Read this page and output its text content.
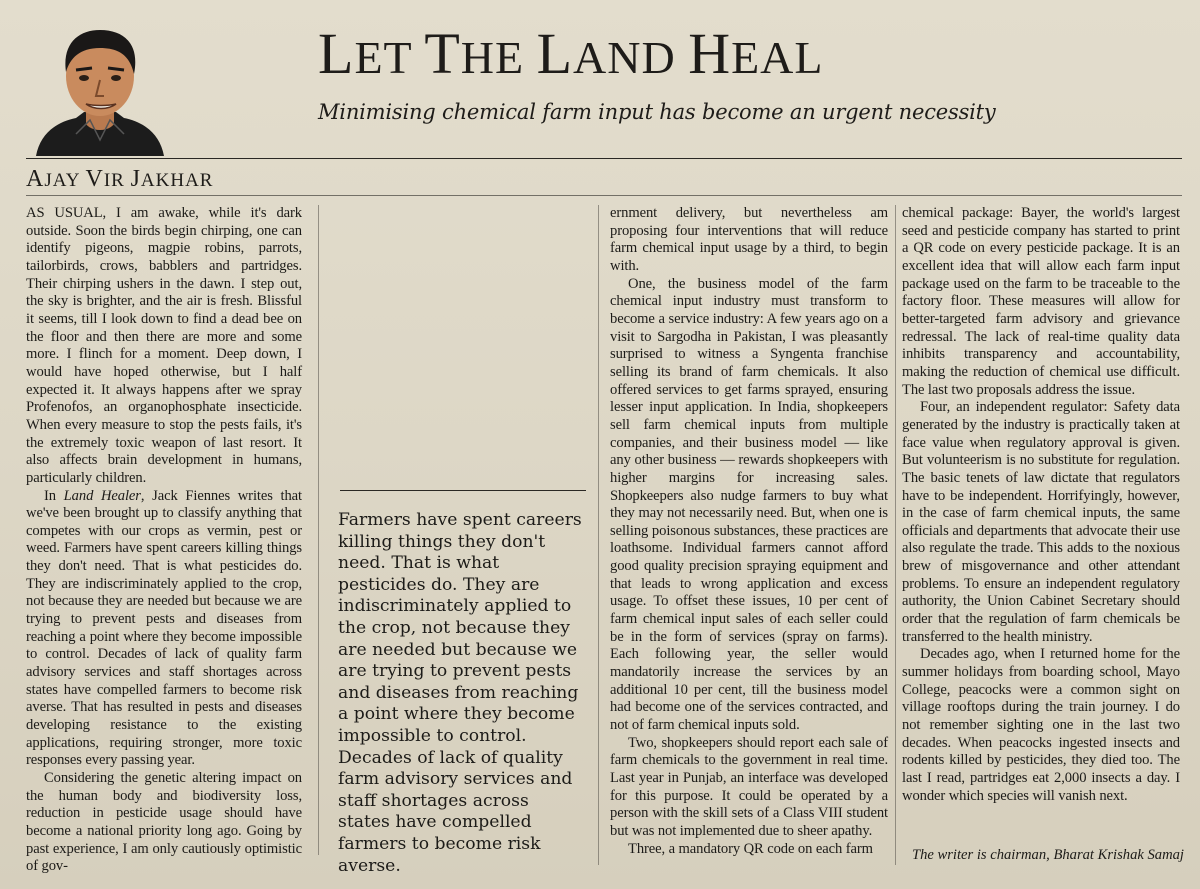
LET THE LAND HEAL

Minimising chemical farm input has become an urgent necessity

AJAY VIR JAKHAR

AS USUAL, I am awake, while it's dark outside. Soon the birds begin chirping, one can identify pigeons, magpie robins, parrots, tailorbirds, crows, babblers and partridges. Their chirping ushers in the dawn. I step out, the sky is brighter, and the air is fresh. Blissful it seems, till I look down to find a dead bee on the floor and then there are more and some more. I flinch for a moment. Deep down, I would have hoped otherwise, but I half expected it. It always happens after we spray Profenofos, an organophosphate insecticide. When every measure to stop the pests fails, it's the extremely toxic weapon of last resort. It also affects brain development in humans, particularly children.

In Land Healer, Jack Fiennes writes that we've been brought up to classify anything that competes with our crops as vermin, pest or weed. Farmers have spent careers killing things they don't need. That is what pesticides do. They are indiscriminately applied to the crop, not because they are needed but because we are trying to prevent pests and diseases from reaching a point where they become impossible to control. Decades of lack of quality farm advisory services and staff shortages across states have compelled farmers to become risk averse. That has resulted in pests and diseases developing resistance to the existing applications, requiring stronger, more toxic responses every passing year.

Considering the genetic altering impact on the human body and biodiversity loss, reduction in pesticide usage should have become a national priority long ago. Going by past experience, I am only cautiously optimistic of gov-

Farmers have spent careers killing things they don't need. That is what pesticides do. They are indiscriminately applied to the crop, not because they are needed but because we are trying to prevent pests and diseases from reaching a point where they become impossible to control. Decades of lack of quality farm advisory services and staff shortages across states have compelled farmers to become risk averse.

ernment delivery, but nevertheless am proposing four interventions that will reduce farm chemical input usage by a third, to begin with.

One, the business model of the farm chemical input industry must transform to become a service industry: A few years ago on a visit to Sargodha in Pakistan, I was pleasantly surprised to witness a Syngenta franchise selling its brand of farm chemicals. It also offered services to get farms sprayed, ensuring lesser input application. In India, shopkeepers sell farm chemical inputs from multiple companies, and their business model — like any other business — rewards shopkeepers with higher margins for increasing sales. Shopkeepers also nudge farmers to buy what they may not necessarily need. But, when one is selling poisonous substances, these practices are loathsome. Individual farmers cannot afford good quality precision spraying equipment and that leads to wrong application and excess usage. To offset these issues, 10 per cent of farm chemical input sales of each seller could be in the form of services (spray on farms). Each following year, the seller would mandatorily increase the services by an additional 10 per cent, till the business model had become one of the services contracted, and not of farm chemical inputs sold.

Two, shopkeepers should report each sale of farm chemicals to the government in real time. Last year in Punjab, an interface was developed for this purpose. It could be operated by a person with the skill sets of a Class VIII student but was not implemented due to sheer apathy.

Three, a mandatory QR code on each farm

chemical package: Bayer, the world's largest seed and pesticide company has started to print a QR code on every pesticide package. It is an excellent idea that will allow each farm input package used on the farm to be traceable to the factory floor. These measures will allow for better-targeted farm advisory and grievance redressal. The lack of real-time quality data inhibits transparency and accountability, making the reduction of chemical use difficult. The last two proposals address the issue.

Four, an independent regulator: Safety data generated by the industry is practically taken at face value when regulatory approval is given. But volunteerism is no substitute for regulation. The basic tenets of law dictate that regulators have to be independent. Horrifyingly, however, in the case of farm chemical inputs, the same officials and departments that advocate their use also regulate the trade. This adds to the noxious brew of misgovernance and other attendant problems. To ensure an independent regulatory authority, the Union Cabinet Secretary should order that the regulation of farm chemicals be transferred to the health ministry.

Decades ago, when I returned home for the summer holidays from boarding school, Mayo College, peacocks were a common sight on village rooftops during the train journey. I do not remember sighting one in the last two decades. When peacocks ingested insects and rodents killed by pesticides, they died too. The last I read, partridges eat 2,000 insects a day. I wonder which species will vanish next.

The writer is chairman, Bharat Krishak Samaj
